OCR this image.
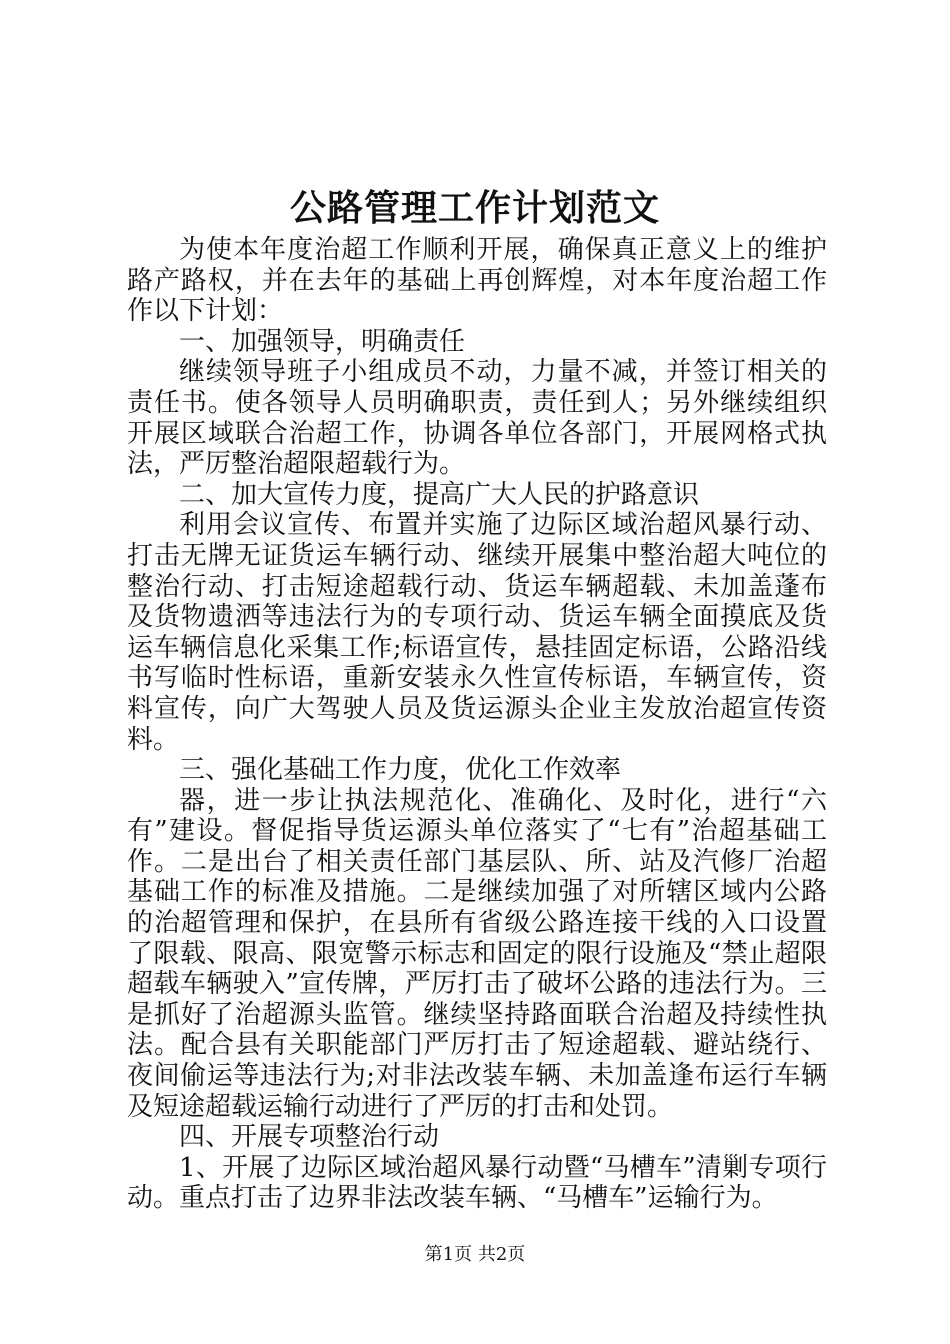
公路管理工作计划范文

为使本年度治超工作顺利开展，确保真正意义上的维护路产路权，并在去年的基础上再创辉煌，对本年度治超工作作以下计划：

一、加强领导，明确责任

继续领导班子小组成员不动，力量不减，并签订相关的责任书。使各领导人员明确职责，责任到人；另外继续组织开展区域联合治超工作，协调各单位各部门，开展网格式执法，严厉整治超限超载行为。

二、加大宣传力度，提高广大人民的护路意识

利用会议宣传、布置并实施了边际区域治超风暴行动、打击无牌无证货运车辆行动、继续开展集中整治超大吨位的整治行动、打击短途超载行动、货运车辆超载、未加盖蓬布及货物遗洒等违法行为的专项行动、货运车辆全面摸底及货运车辆信息化采集工作;标语宣传，悬挂固定标语，公路沿线书写临时性标语，重新安装永久性宣传标语，车辆宣传，资料宣传，向广大驾驶人员及货运源头企业主发放治超宣传资料。

三、强化基础工作力度，优化工作效率

器，进一步让执法规范化、准确化、及时化，进行“六有”建设。督促指导货运源头单位落实了“七有”治超基础工作。二是出台了相关责任部门基层队、所、站及汽修厂治超基础工作的标准及措施。二是继续加强了对所辖区域内公路的治超管理和保护，在县所有省级公路连接干线的入口设置了限载、限高、限宽警示标志和固定的限行设施及“禁止超限超载车辆驶入”宣传牌，严厉打击了破坏公路的违法行为。三是抓好了治超源头监管。继续坚持路面联合治超及持续性执法。配合县有关职能部门严厉打击了短途超载、避站绕行、夜间偷运等违法行为;对非法改装车辆、未加盖逢布运行车辆及短途超载运输行动进行了严厉的打击和处罚。

四、开展专项整治行动

1、开展了边际区域治超风暴行动暨“马槽车”清剿专项行动。重点打击了边界非法改装车辆、“马槽车”运输行为。

第1页 共2页
